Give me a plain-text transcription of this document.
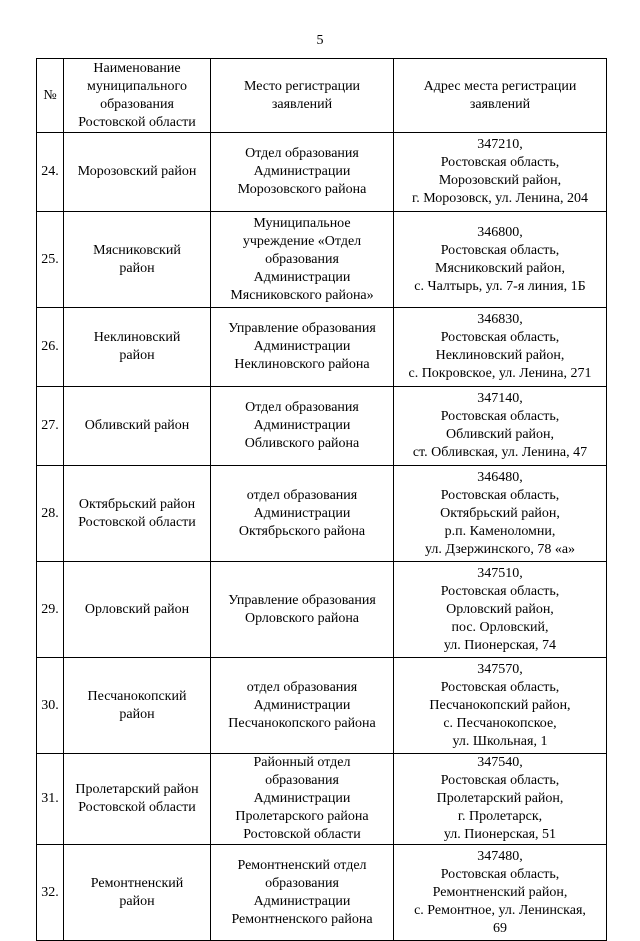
5
№	Наименование
муниципального
образования
Ростовской области	Место регистрации
заявлений	Адрес места регистрации
заявлений

24.	Морозовский район	Отдел образования
Администрации
Морозовского района	347210,
Ростовская область,
Морозовский район,
г. Морозовск, ул. Ленина, 204

25.	Мясниковский
район	Муниципальное
учреждение «Отдел
образования
Администрации
Мясниковского района»	346800,
Ростовская область,
Мясниковский район,
с. Чалтырь, ул. 7-я линия, 1Б

26.	Неклиновский
район	Управление образования
Администрации
Неклиновского района	346830,
Ростовская область,
Неклиновский район,
с. Покровское, ул. Ленина, 271

27.	Обливский район	Отдел образования
Администрации
Обливского района	347140,
Ростовская область,
Обливский район,
ст. Обливская, ул. Ленина, 47

28.	Октябрьский район
Ростовской области	отдел образования
Администрации
Октябрьского района	346480,
Ростовская область,
Октябрьский район,
р.п. Каменоломни,
ул. Дзержинского, 78 «а»

29.	Орловский район	Управление образования
Орловского района	347510,
Ростовская область,
Орловский район,
пос. Орловский,
ул. Пионерская, 74

30.	Песчанокопский
район	отдел образования
Администрации
Песчанокопского района	347570,
Ростовская область,
Песчанокопский район,
с. Песчанокопское,
ул. Школьная, 1

31.	Пролетарский район
Ростовской области	Районный отдел
образования
Администрации
Пролетарского района
Ростовской области	347540,
Ростовская область,
Пролетарский район,
г. Пролетарск,
ул. Пионерская, 51

32.	Ремонтненский
район	Ремонтненский отдел
образования
Администрации
Ремонтненского района	347480,
Ростовская область,
Ремонтненский район,
с. Ремонтное, ул. Ленинская,
69
